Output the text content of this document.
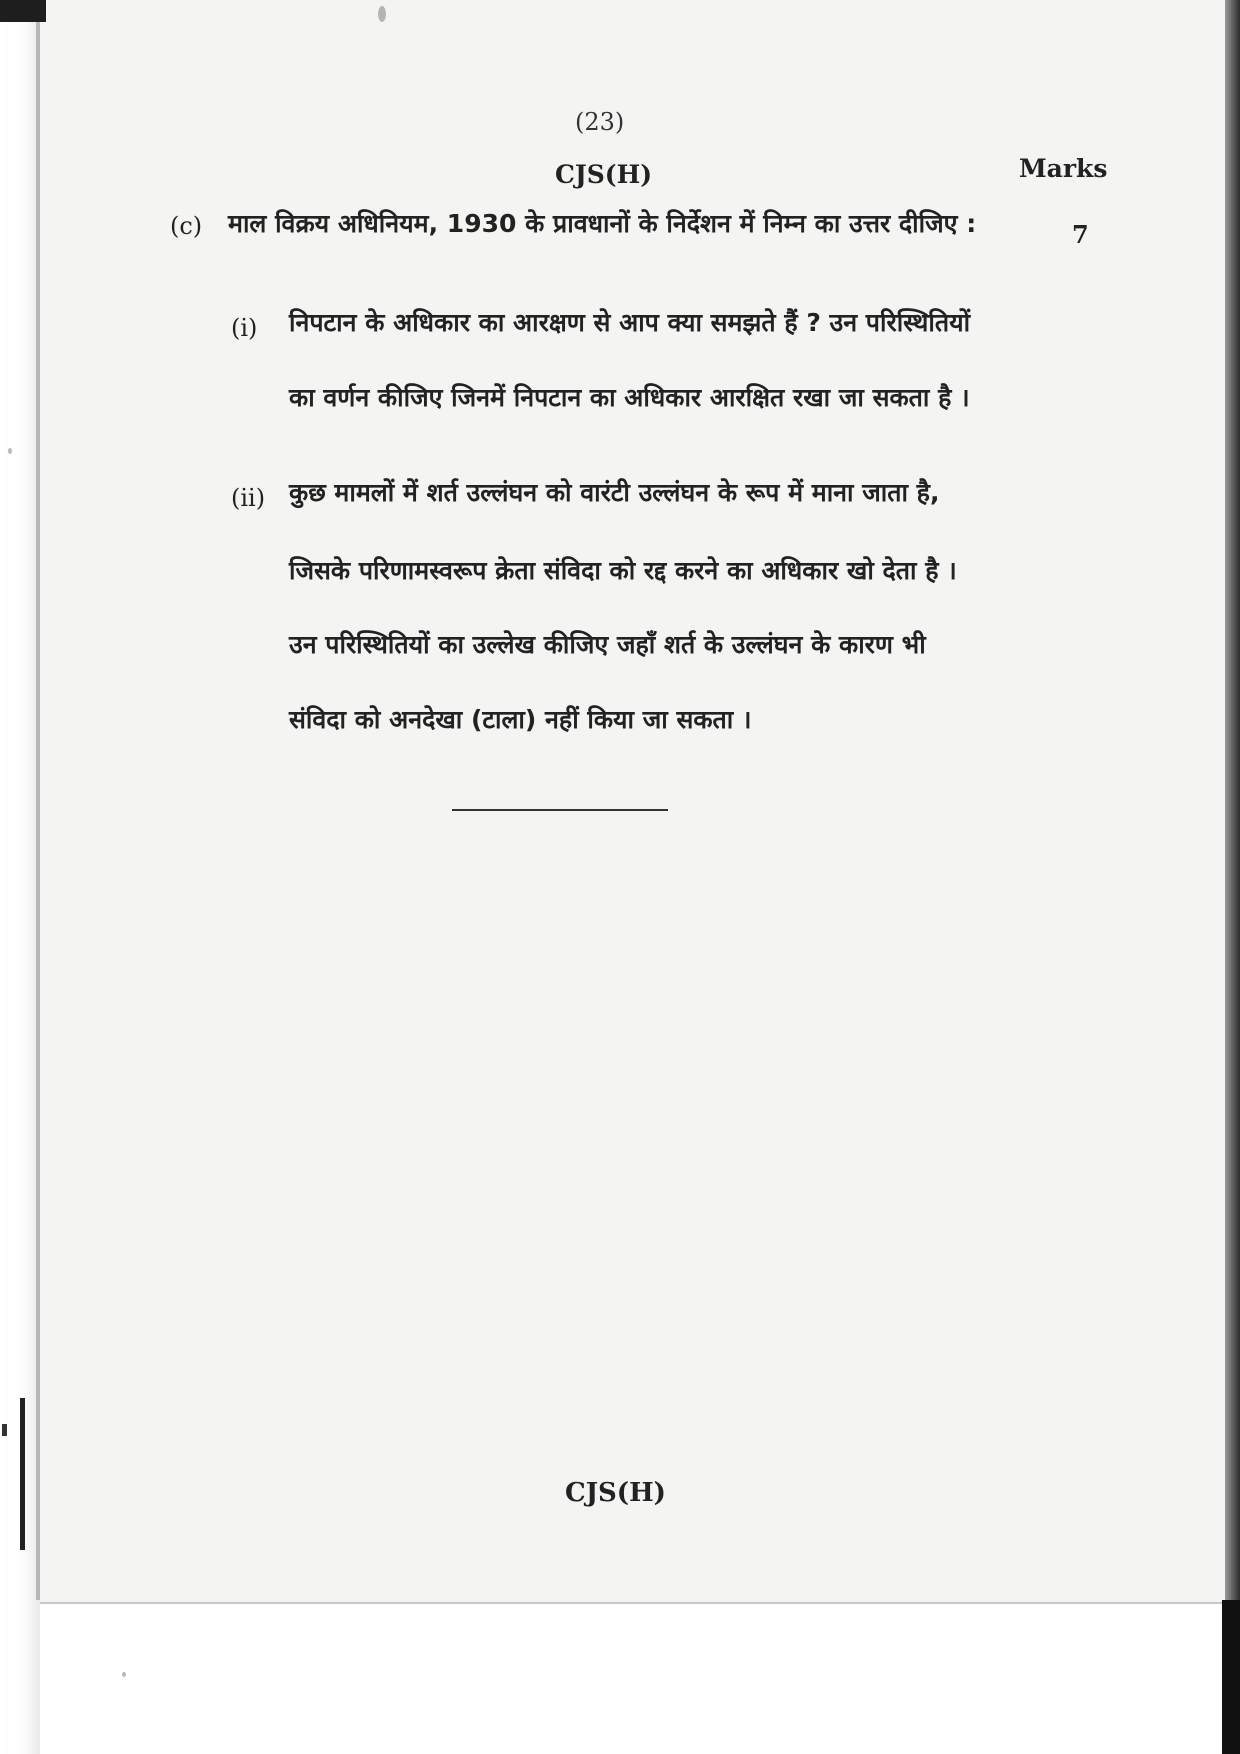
(23)
CJS(H)	Marks
(c) माल विक्रय अधिनियम, 1930 के प्रावधानों के निर्देशन में निम्न का उत्तर दीजिए :	7
(i) निपटान के अधिकार का आरक्षण से आप क्या समझते हैं ? उन परिस्थितियों
का वर्णन कीजिए जिनमें निपटान का अधिकार आरक्षित रखा जा सकता है ।
(ii) कुछ मामलों में शर्त उल्लंघन को वारंटी उल्लंघन के रूप में माना जाता है,
जिसके परिणामस्वरूप क्रेता संविदा को रद्द करने का अधिकार खो देता है ।
उन परिस्थितियों का उल्लेख कीजिए जहाँ शर्त के उल्लंघन के कारण भी
संविदा को अनदेखा (टाला) नहीं किया जा सकता ।
CJS(H)
